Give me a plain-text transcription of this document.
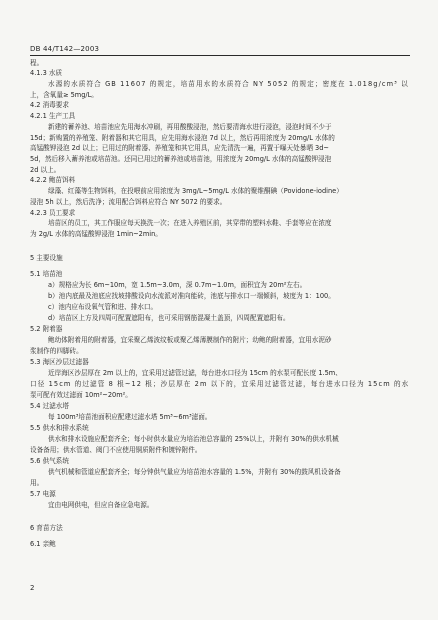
DB 44/T142—2003
程。
4.1.3 水质
水源的水质符合 GB 11607 的规定，培苗用水的水质符合 NY 5052 的规定；密度在 1.018g/cm³ 以
上，含氧量≥ 5mg/L。
4.2 消毒要求
4.2.1 生产工具
新建的蓄养池、培苗池应先用海水冲刷，再用酸酸浸泡，然后要清海水进行浸泡，浸泡时间不少于
15d；新购置的养殖笼、附着器和其它用具，应先用海水浸泡 7d 以上，然后再用浓度为 20mg/L 水体的
高锰酸钾浸泡 2d 以上；已用过的附着器、养殖笼和其它用具，应先清洗一遍，再置于曝天处暴晒 3d~
5d，然后移入蓄养池或培苗池。还同已用过的蓄养池或培苗池，用浓度为 20mg/L 水体的高锰酸钾浸泡
2d 以上。
4.2.2 鲍苗饵料
绿藻、红藻等生物饵料，在投喂前应用浓度为 3mg/L~5mg/L 水体的聚维酮碘（Povidone-iodine）
浸泡 5h 以上，然后洗净；流用配合饵料应符合 NY 5072 的要求。
4.2.3 员工要求
培苗区的员工，其工作服应每天换洗一次；在进入养殖区前，其穿带的塑料水鞋、手套等应在浓度
为 2g/L 水体的高锰酸钾浸泡 1min~2min。
5 主要设施
5.1 培苗池
a）规格应为长 6m~10m，宽 1.5m~3.0m，深 0.7m~1.0m，面积宜为 20m²左右。
b）池内底最及池底应找坡排酸设向水流派对准向能砖，池底与排水口一端倾斜，坡度为 1：100。
c）池内应布设氧气管和进、排水口。
d）培苗区上方及四周可配置遮阳布，也可采用钢筋混凝土盖顶，四周配置遮阳布。
5.2 附着器
鲍幼体附着用的附着器，宜采聚乙烯波纹板或聚乙烯薄膜制作的附片；幼鲍的附着器，宜用水泥砂
浆制作的四脚砖。
5.3 海区沙层过滤器
近岸海区沙层厚在 2m 以上的，宜采用过滤管过滤，每台进水口径为 15cm 的水泵可配长度 1.5m、
口径 15cm 的过滤管 8 根~12 根；沙层厚在 2m 以下的，宜采用过滤管过滤，每台进水口径为 15cm 的水
泵可配有效过滤面 10m²~20m²。
5.4 过滤水塔
每 100m³培苗池面积应配建过滤水塔 5m³~6m³滤面。
5.5 供水和排水系统
供水和排水设施应配套齐全；每小时供水量应为培治池总容量的 25%以上，并附有 30%的供水机械
设备备用；供水管道、阀门不应使用铜质附件和镀锌附件。
5.6 供气系统
供气机械和管道应配套齐全；每分钟供气量应为培苗池水容量的 1.5%，并附有 30%的鼓风机设备备
用。
5.7 电源
宜由电网供电，但应自备应急电源。
6 育苗方法
6.1 亲鲍
2
